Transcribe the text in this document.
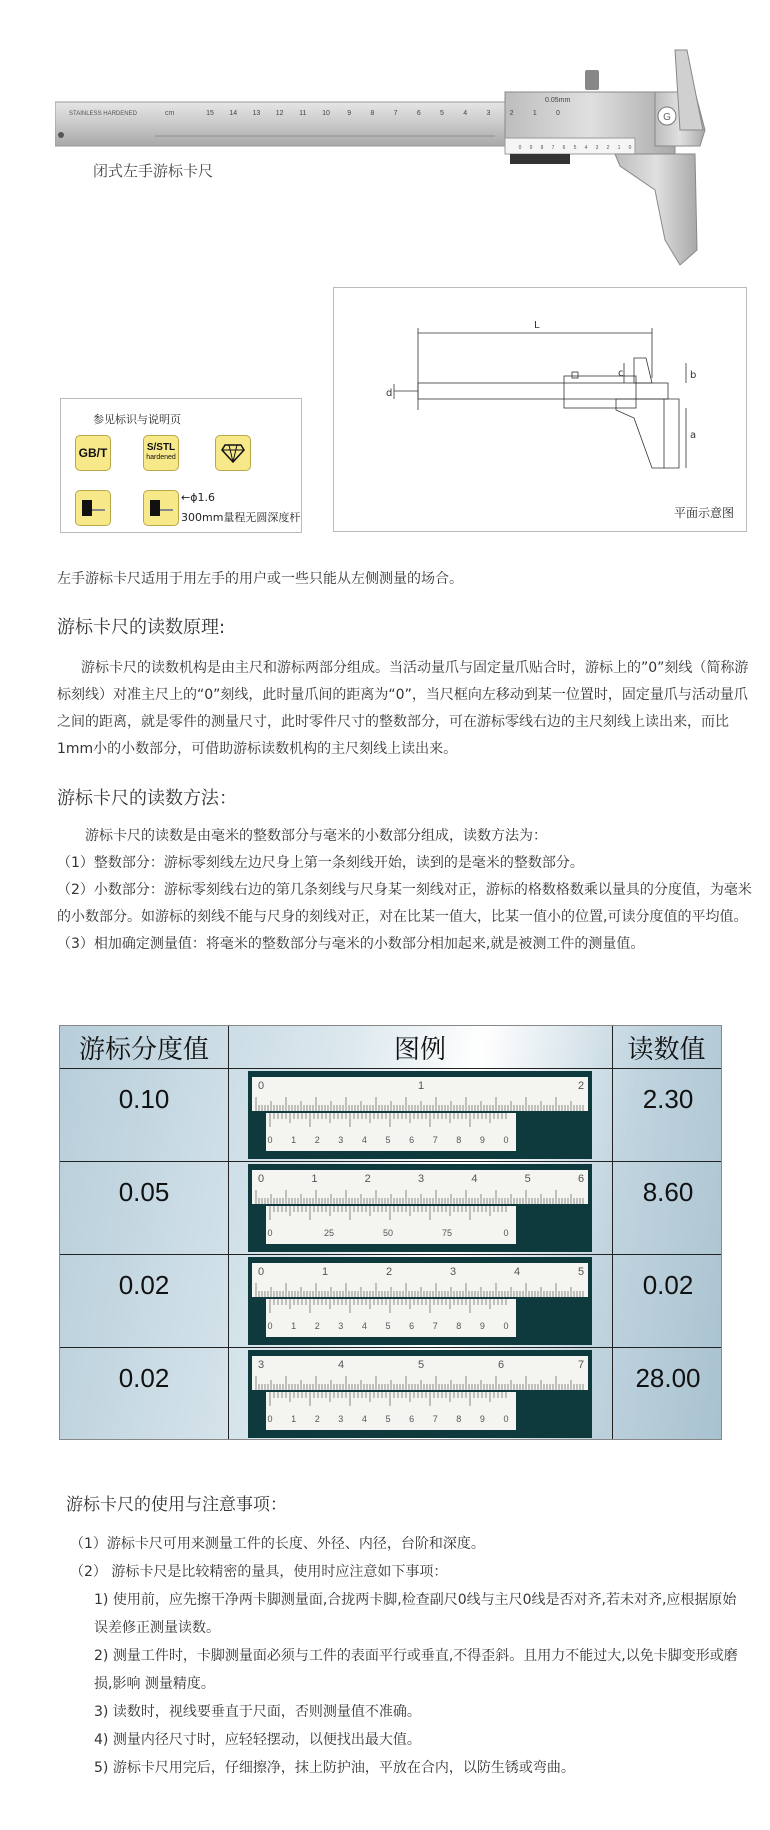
G
STAINLESS HARDENED	cm
0.05mm
15 14 13 12 11 10 9	8	7	6	5	4	3	2	1	0
0 9 8 7 6 5 4 3 2 1 0
闭式左手游标卡尺
参见标识与说明页
GB/T	S/STL
hardened
←ϕ1.6
300mm量程无圆深度杆
L
c	b
d
a
平面示意图
左手游标卡尺适用于用左手的用户或一些只能从左侧测量的场合。
游标卡尺的读数原理:
游标卡尺的读数机构是由主尺和游标两部分组成。当活动量爪与固定量爪贴合时，游标上的”0”刻线（简称游标刻线）对准主尺上的“0”刻线，此时量爪间的距离为“0”，当尺框向左移动到某一位置时，固定量爪与活动量爪之间的距离，就是零件的测量尺寸，此时零件尺寸的整数部分，可在游标零线右边的主尺刻线上读出来，而比1mm小的小数部分，可借助游标读数机构的主尺刻线上读出来。
游标卡尺的读数方法：
游标卡尺的读数是由毫米的整数部分与毫米的小数部分组成，读数方法为：
（1）整数部分：游标零刻线左边尺身上第一条刻线开始，读到的是毫米的整数部分。
（2）小数部分：游标零刻线右边的第几条刻线与尺身某一刻线对正，游标的格数格数乘以量具的分度值，为毫米的小数部分。如游标的刻线不能与尺身的刻线对正，对在比某一值大，比某一值小的位置,可读分度值的平均值。
（3）相加确定测量值：将毫米的整数部分与毫米的小数部分相加起来,就是被测工件的测量值。
游标分度值	图例	读数值
0.10	2.30
0	1	2
0 1 2 3 4 5 6 7 8 9 0
0.05	8.60
0	1	2	3	4	5	6
0	25	50	75	0
0.02	0.02
0	1	2	3	4	5
0 1 2 3 4 5 6 7 8 9 0
0.02	28.00
3	4	5	6	7
0 1 2 3 4 5 6 7 8 9 0
游标卡尺的使用与注意事项：
（1）游标卡尺可用来测量工件的长度、外径、内径，台阶和深度。
（2） 游标卡尺是比较精密的量具，使用时应注意如下事项：
1) 使用前，应先擦干净两卡脚测量面,合拢两卡脚,检查副尺0线与主尺0线是否对齐,若未对齐,应根据原始误差修正测量读数。
2) 测量工件时，卡脚测量面必须与工件的表面平行或垂直,不得歪斜。且用力不能过大,以免卡脚变形或磨损,影响 测量精度。
3) 读数时，视线要垂直于尺面，否则测量值不准确。
4) 测量内径尺寸时，应轻轻摆动，以便找出最大值。
5) 游标卡尺用完后，仔细擦净，抹上防护油，平放在合内，以防生锈或弯曲。
